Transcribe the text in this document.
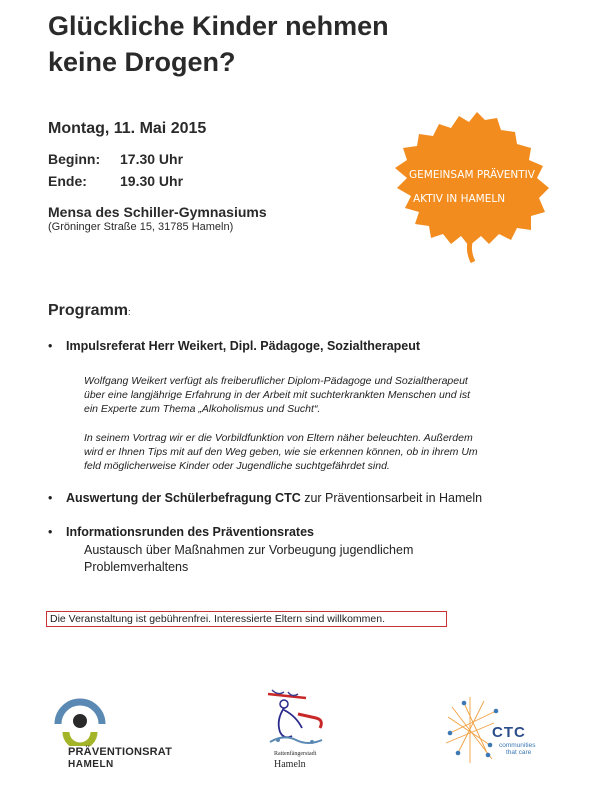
Glückliche Kinder nehmen
keine Drogen?
Montag, 11. Mai 2015
Beginn: 17.30 Uhr
Ende: 19.30 Uhr
Mensa des Schiller-Gymnasiums
(Gröninger Straße 15, 31785 Hameln)
GEMEINSAM PRÄVENTIV
AKTIV IN HAMELN
Programm:
• Impulsreferat Herr Weikert, Dipl. Pädagoge, Sozialtherapeut
Wolfgang Weikert verfügt als freiberuflicher Diplom-Pädagoge und Sozialtherapeut
über eine langjährige Erfahrung in der Arbeit mit suchterkrankten Menschen und ist
ein Experte zum Thema „Alkoholismus und Sucht“.
In seinem Vortrag wir er die Vorbildfunktion von Eltern näher beleuchten. Außerdem
wird er Ihnen Tips mit auf den Weg geben, wie sie erkennen können, ob in ihrem Um
feld möglicherweise Kinder oder Jugendliche suchtgefährdet sind.
• Auswertung der Schülerbefragung CTC zur Präventionsarbeit in Hameln
• Informationsrunden des Präventionsrates
Austausch über Maßnahmen zur Vorbeugung jugendlichem
Problemverhaltens
Die Veranstaltung ist gebührenfrei. Interessierte Eltern sind willkommen.
PRÄVENTIONSRAT
HAMELN
Rattenfängerstadt
Hameln
CTC
communities
that care
